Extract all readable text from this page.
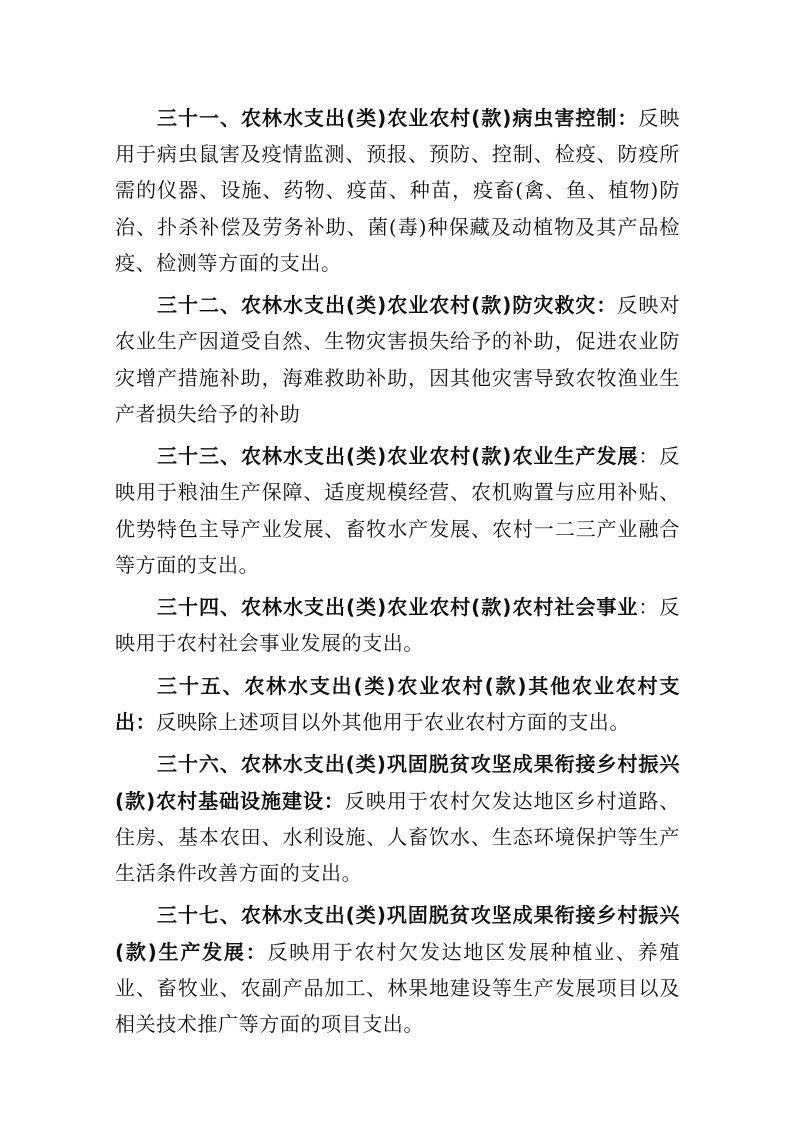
三十一、农林水支出(类)农业农村(款)病虫害控制：反映用于病虫鼠害及疫情监测、预报、预防、控制、检疫、防疫所需的仪器、设施、药物、疫苗、种苗，疫畜(禽、鱼、植物)防治、扑杀补偿及劳务补助、菌(毒)种保藏及动植物及其产品检疫、检测等方面的支出。

三十二、农林水支出(类)农业农村(款)防灾救灾：反映对农业生产因道受自然、生物灾害损失给予的补助，促进农业防灾增产措施补助，海难救助补助，因其他灾害导致农牧渔业生产者损失给予的补助

三十三、农林水支出(类)农业农村(款)农业生产发展：反映用于粮油生产保障、适度规模经营、农机购置与应用补贴、优势特色主导产业发展、畜牧水产发展、农村一二三产业融合等方面的支出。

三十四、农林水支出(类)农业农村(款)农村社会事业：反映用于农村社会事业发展的支出。

三十五、农林水支出(类)农业农村(款)其他农业农村支出：反映除上述项目以外其他用于农业农村方面的支出。

三十六、农林水支出(类)巩固脱贫攻坚成果衔接乡村振兴(款)农村基础设施建设：反映用于农村欠发达地区乡村道路、住房、基本农田、水利设施、人畜饮水、生态环境保护等生产生活条件改善方面的支出。

三十七、农林水支出(类)巩固脱贫攻坚成果衔接乡村振兴(款)生产发展：反映用于农村欠发达地区发展种植业、养殖业、畜牧业、农副产品加工、林果地建设等生产发展项目以及相关技术推广等方面的项目支出。
